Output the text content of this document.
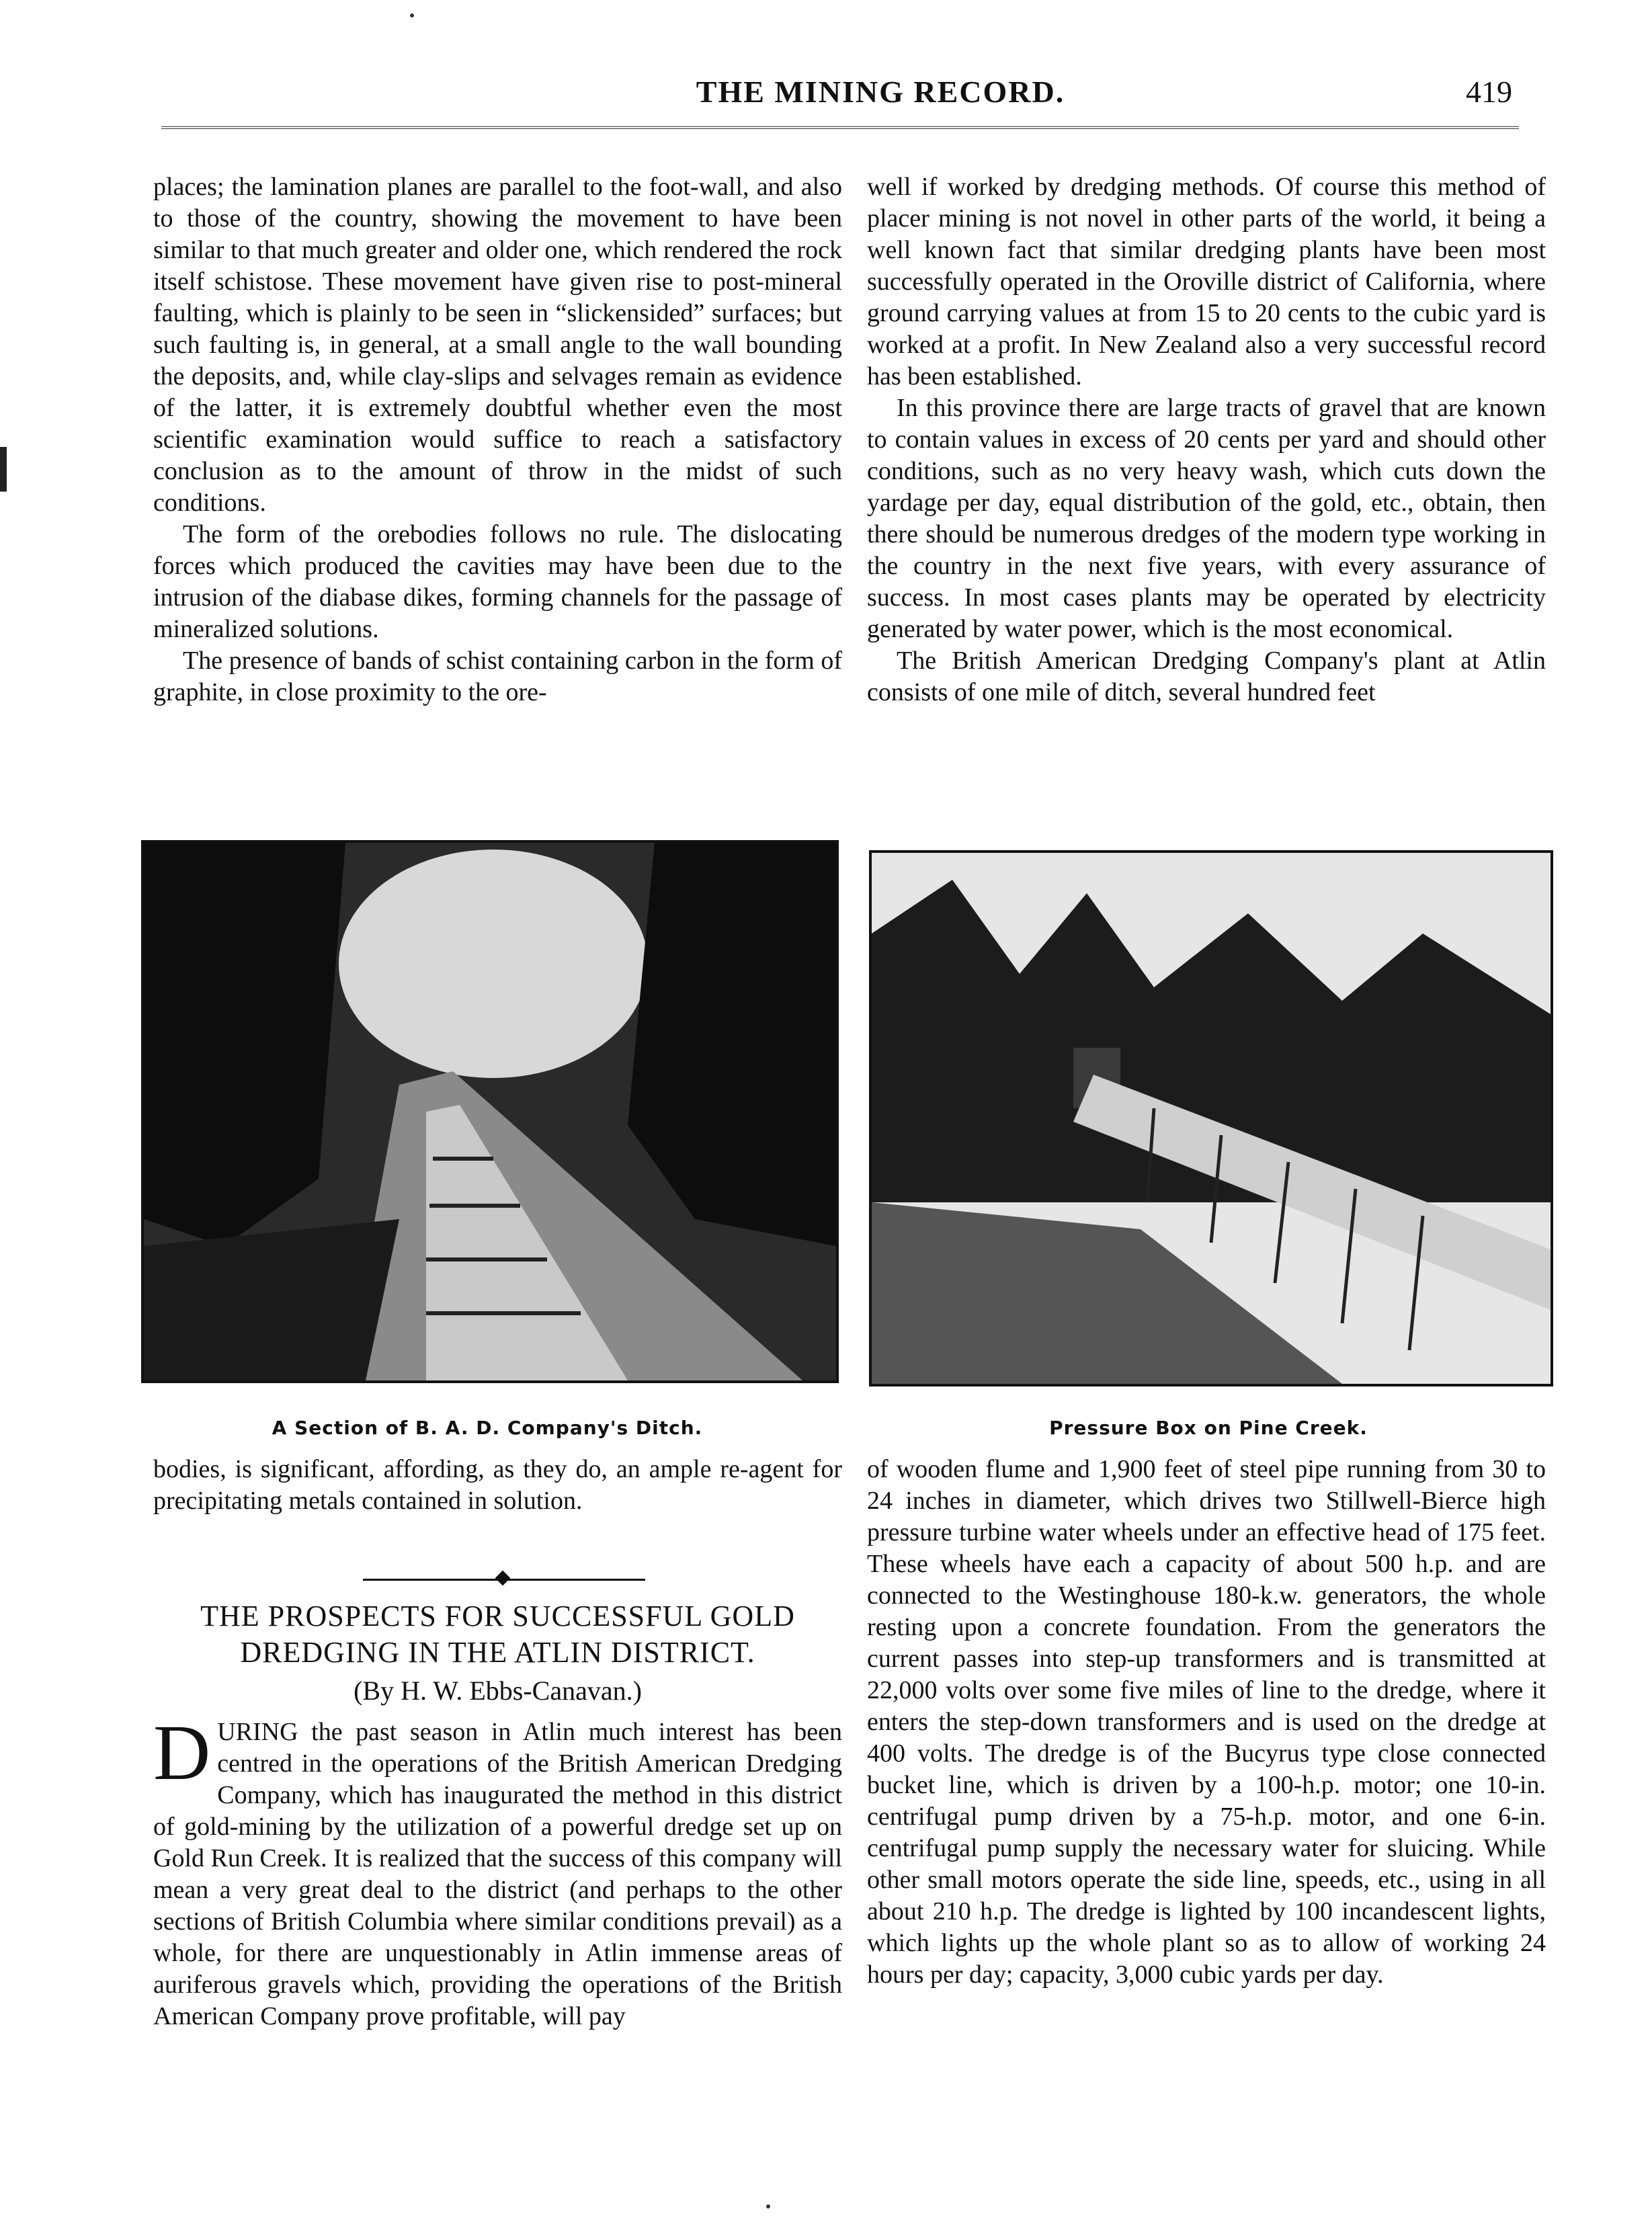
THE MINING RECORD.	419

places; the lamination planes are parallel to the foot-wall, and also to those of the country, showing the movement to have been similar to that much greater and older one, which rendered the rock itself schistose. These movement have given rise to post-mineral faulting, which is plainly to be seen in “slickensided” surfaces; but such faulting is, in general, at a small angle to the wall bounding the deposits, and, while clay-slips and selvages remain as evidence of the latter, it is extremely doubtful whether even the most scientific examination would suffice to reach a satisfactory conclusion as to the amount of throw in the midst of such conditions.

The form of the orebodies follows no rule. The dislocating forces which produced the cavities may have been due to the intrusion of the diabase dikes, forming channels for the passage of mineralized solutions.

The presence of bands of schist containing carbon in the form of graphite, in close proximity to the ore-

well if worked by dredging methods. Of course this method of placer mining is not novel in other parts of the world, it being a well known fact that similar dredging plants have been most successfully operated in the Oroville district of California, where ground carrying values at from 15 to 20 cents to the cubic yard is worked at a profit. In New Zealand also a very successful record has been established.

In this province there are large tracts of gravel that are known to contain values in excess of 20 cents per yard and should other conditions, such as no very heavy wash, which cuts down the yardage per day, equal distribution of the gold, etc., obtain, then there should be numerous dredges of the modern type working in the country in the next five years, with every assurance of success. In most cases plants may be operated by electricity generated by water power, which is the most economical.

The British American Dredging Company's plant at Atlin consists of one mile of ditch, several hundred feet

A Section of B. A. D. Company's Ditch.	Pressure Box on Pine Creek.

bodies, is significant, affording, as they do, an ample re-agent for precipitating metals contained in solution.

THE PROSPECTS FOR SUCCESSFUL GOLD DREDGING IN THE ATLIN DISTRICT.
(By H. W. Ebbs-Canavan.)

DURING the past season in Atlin much interest has been centred in the operations of the British American Dredging Company, which has inaugurated the method in this district of gold-mining by the utilization of a powerful dredge set up on Gold Run Creek. It is realized that the success of this company will mean a very great deal to the district (and perhaps to the other sections of British Columbia where similar conditions prevail) as a whole, for there are unquestionably in Atlin immense areas of auriferous gravels which, providing the operations of the British American Company prove profitable, will pay

of wooden flume and 1,900 feet of steel pipe running from 30 to 24 inches in diameter, which drives two Stillwell-Bierce high pressure turbine water wheels under an effective head of 175 feet. These wheels have each a capacity of about 500 h.p. and are connected to the Westinghouse 180-k.w. generators, the whole resting upon a concrete foundation. From the generators the current passes into step-up transformers and is transmitted at 22,000 volts over some five miles of line to the dredge, where it enters the step-down transformers and is used on the dredge at 400 volts. The dredge is of the Bucyrus type close connected bucket line, which is driven by a 100-h.p. motor; one 10-in. centrifugal pump driven by a 75-h.p. motor, and one 6-in. centrifugal pump supply the necessary water for sluicing. While other small motors operate the side line, speeds, etc., using in all about 210 h.p. The dredge is lighted by 100 incandescent lights, which lights up the whole plant so as to allow of working 24 hours per day; capacity, 3,000 cubic yards per day.
